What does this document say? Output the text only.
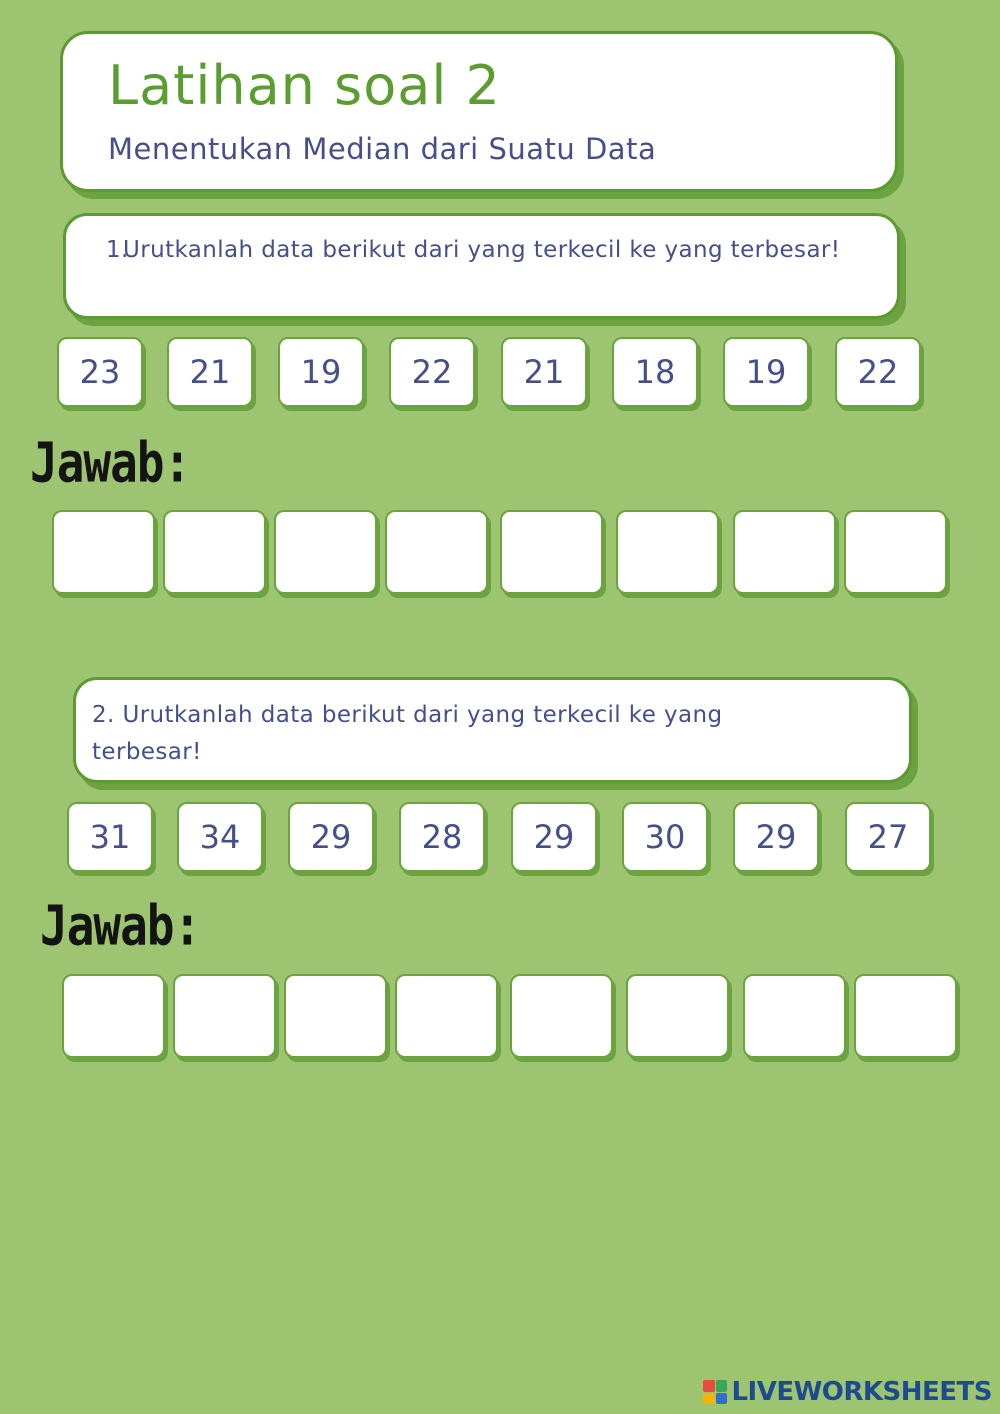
Latihan soal 2

Menentukan Median dari Suatu Data

1.Urutkanlah data berikut dari yang terkecil ke yang terbesar!

23	21	19	22	21	18	19	22
Jawab:

2. Urutkanlah data berikut dari yang terkecil ke yang terbesar!

31	34	29	28	29	30	29	27
Jawab:
LIVEWORKSHEETS
